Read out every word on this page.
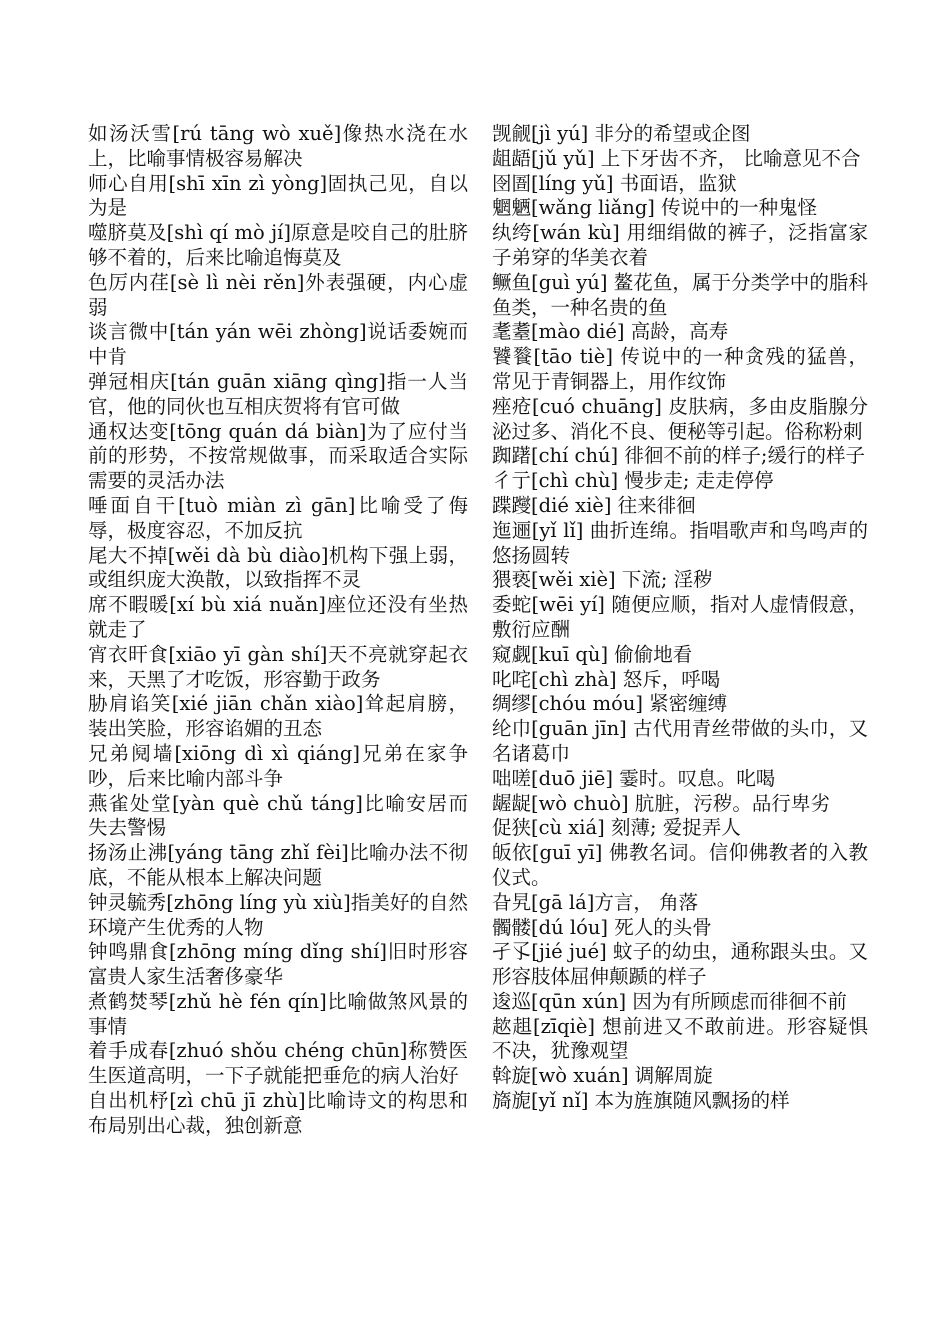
如汤沃雪[rú tāng wò xuě]像热水浇在水上，比喻事情极容易解决

师心自用[shī xīn zì yòng]固执己见，自以为是

噬脐莫及[shì qí mò jí]原意是咬自己的肚脐够不着的，后来比喻追悔莫及

色厉内荏[sè lì nèi rěn]外表强硬，内心虚弱

谈言微中[tán yán wēi zhòng]说话委婉而中肯

弹冠相庆[tán guān xiāng qìng]指一人当官，他的同伙也互相庆贺将有官可做

通权达变[tōng quán dá biàn]为了应付当前的形势，不按常规做事，而采取适合实际需要的灵活办法

唾面自干[tuò miàn zì gān]比喻受了侮辱，极度容忍，不加反抗

尾大不掉[wěi dà bù diào]机构下强上弱，或组织庞大涣散，以致指挥不灵

席不暇暖[xí bù xiá nuǎn]座位还没有坐热就走了

宵衣旰食[xiāo yī gàn shí]天不亮就穿起衣来，天黑了才吃饭，形容勤于政务

胁肩谄笑[xié jiān chǎn xiào]耸起肩膀，装出笑脸，形容谄媚的丑态

兄弟阋墙[xiōng dì xì qiáng]兄弟在家争吵，后来比喻内部斗争

燕雀处堂[yàn què chǔ táng]比喻安居而失去警惕

扬汤止沸[yáng tāng zhǐ fèi]比喻办法不彻底，不能从根本上解决问题

钟灵毓秀[zhōng líng yù xiù]指美好的自然环境产生优秀的人物

钟鸣鼎食[zhōng míng dǐng shí]旧时形容富贵人家生活奢侈豪华

煮鹤焚琴[zhǔ hè fén qín]比喻做煞风景的事情

着手成春[zhuó shǒu chéng chūn]称赞医生医道高明，一下子就能把垂危的病人治好

自出机杼[zì chū jī zhù]比喻诗文的构思和布局别出心裁，独创新意

觊觎[jì yú] 非分的希望或企图

龃龉[jǔ yǔ] 上下牙齿不齐， 比喻意见不合

囹圄[líng yǔ] 书面语，监狱

魍魉[wǎng liǎng] 传说中的一种鬼怪

纨绔[wán kù] 用细绢做的裤子，泛指富家子弟穿的华美衣着

鳜鱼[guì yú] 鳌花鱼，属于分类学中的脂科鱼类，一种名贵的鱼

耄耋[mào dié] 高龄，高寿

饕餮[tāo tiè] 传说中的一种贪残的猛兽，常见于青铜器上，用作纹饰

痤疮[cuó chuāng] 皮肤病，多由皮脂腺分泌过多、消化不良、便秘等引起。俗称粉刺

踟躇[chí chú] 徘徊不前的样子;缓行的样子

彳亍[chì chù] 慢步走; 走走停停

蹀躞[dié xiè] 往来徘徊

迤逦[yǐ lǐ] 曲折连绵。指唱歌声和鸟鸣声的悠扬圆转

猥亵[wěi xiè] 下流; 淫秽

委蛇[wēi yí] 随便应顺，指对人虚情假意，敷衍应酬

窥觑[kuī qù] 偷偷地看

叱咤[chì zhà] 怒斥，呼喝

绸缪[chóu móu] 紧密缠缚

纶巾[guān jīn] 古代用青丝带做的头巾，又名诸葛巾

咄嗟[duō jiē] 霎时。叹息。叱喝

龌龊[wò chuò] 肮脏，污秽。品行卑劣

促狭[cù xiá] 刻薄; 爱捉弄人

皈依[guī yī] 佛教名词。信仰佛教者的入教仪式。

旮旯[gā lá]方言， 角落

髑髅[dú lóu] 死人的头骨

孑孓[jié jué] 蚊子的幼虫，通称跟头虫。又形容肢体屈伸颠踬的样子

逡巡[qūn xún] 因为有所顾虑而徘徊不前

趑趄[zīqiè] 想前进又不敢前进。形容疑惧不决，犹豫观望

斡旋[wò xuán] 调解周旋

旖旎[yǐ nǐ] 本为旌旗随风飘扬的样
